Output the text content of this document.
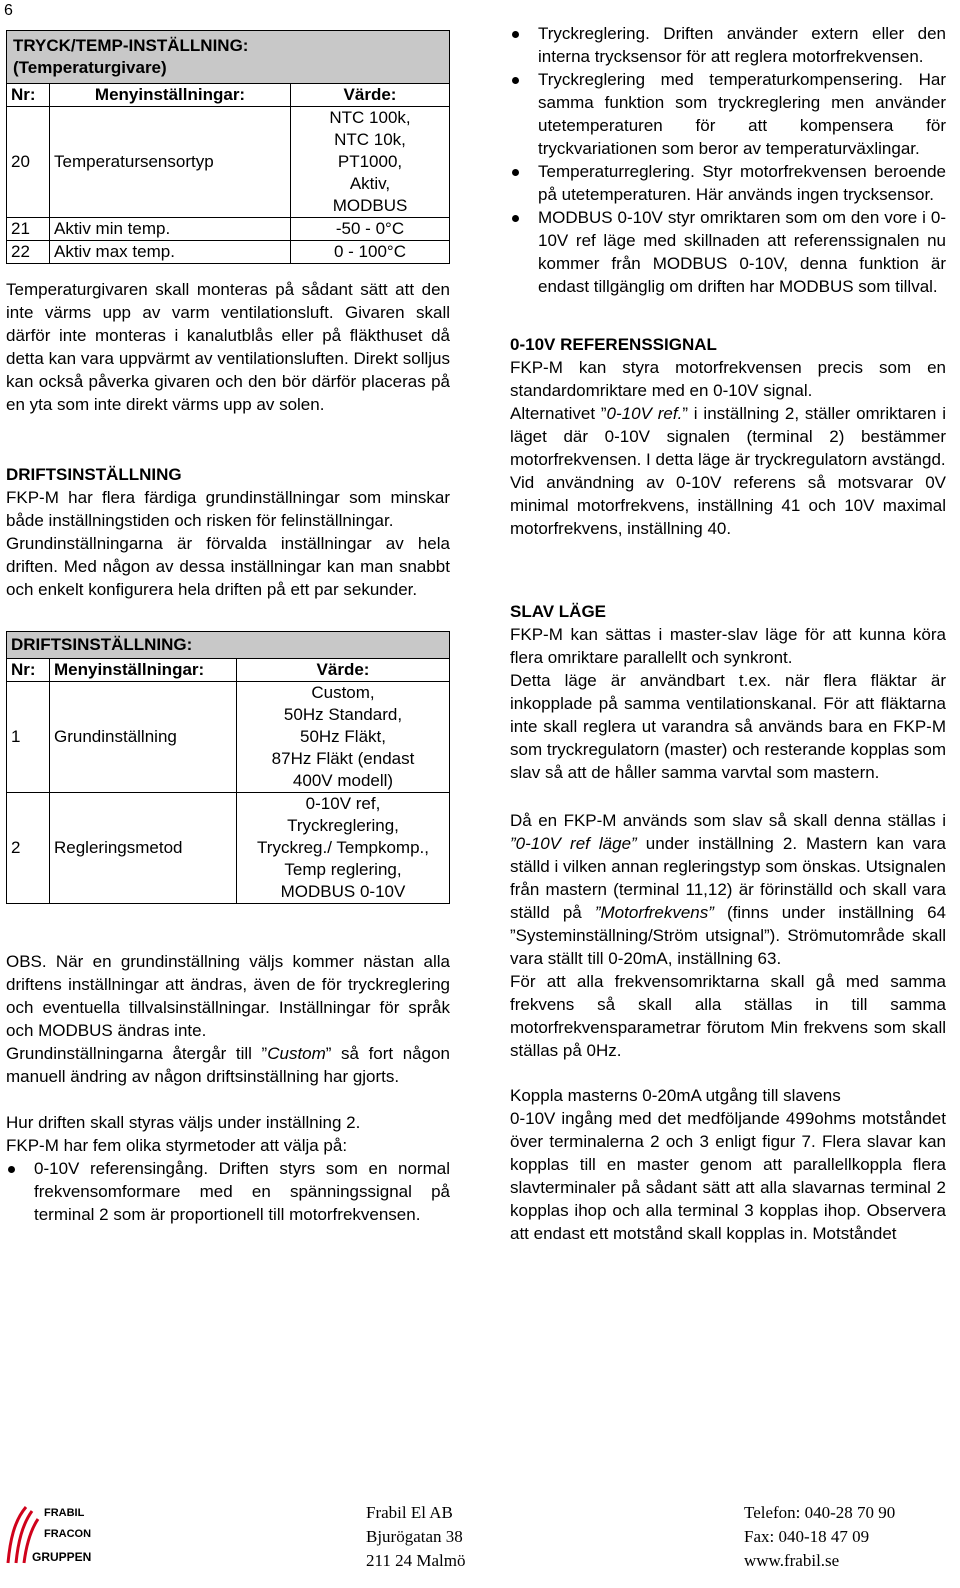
6
TRYCK/TEMP-INSTÄLLNING:
(Temperaturgivare)		

Nr:	Menyinställningar:	Värde:
20	Temperatursensortyp	NTC 100k,
NTC 10k,
PT1000,
Aktiv,
MODBUS

21	Aktiv min temp.	-50 - 0°C
22	Aktiv max temp.	0 - 100°C

Temperaturgivaren skall monteras på sådant sätt att den inte värms upp av varm ventilationsluft. Givaren skall därför inte monteras i kanalutblås eller på fläkthuset då detta kan vara uppvärmt av ventilationsluften. Direkt solljus kan också påverka givaren och den bör därför placeras på en yta som inte direkt värms upp av solen.

DRIFTSINSTÄLLNING

FKP-M har flera färdiga grundinställningar som minskar både inställningstiden och risken för felinställningar.

Grundinställningarna är förvalda inställningar av hela driften. Med någon av dessa inställningar kan man snabbt och enkelt konfigurera hela driften på ett par sekunder.

DRIFTSINSTÄLLNING:		
Nr:	Menyinställningar:	Värde:
1	Grundinställning	Custom,
50Hz Standard,
50Hz Fläkt,
87Hz Fläkt (endast
400V modell)

2	Regleringsmetod	0-10V ref,
Tryckreglering,
Tryckreg./ Tempkomp.,
Temp reglering,
MODBUS 0-10V

OBS. När en grundinställning väljs kommer nästan alla driftens inställningar att ändras, även de för tryckreglering och eventuella tillvalsinställningar. Inställningar för språk och MODBUS ändras inte.

Grundinställningarna återgår till ”Custom” så fort någon manuell ändring av någon driftsinställning har gjorts.

Hur driften skall styras väljs under inställning 2.

FKP-M har fem olika styrmetoder att välja på:

0-10V referensingång. Driften styrs som en normal frekvensomformare med en spänningssignal på terminal 2 som är proportionell till motorfrekvensen.
Tryckreglering. Driften använder extern eller den interna trycksensor för att reglera motorfrekvensen.
Tryckreglering med temperaturkompensering. Har samma funktion som tryckreglering men använder utetemperaturen för att kompensera för tryckvariationen som beror av temperaturväxlingar.
Temperaturreglering. Styr motorfrekvensen beroende på utetemperaturen. Här används ingen trycksensor.
MODBUS 0-10V styr omriktaren som om den vore i 0-10V ref läge med skillnaden att referenssignalen nu kommer från MODBUS 0-10V, denna funktion är endast tillgänglig om driften har MODBUS som tillval.
0-10V REFERENSSIGNAL

FKP-M kan styra motorfrekvensen precis som en standardomriktare med en 0-10V signal.

Alternativet ”0-10V ref.” i inställning 2, ställer omriktaren i läget där 0-10V signalen (terminal 2) bestämmer motorfrekvensen. I detta läge är tryckregulatorn avstängd.

Vid användning av 0-10V referens så motsvarar 0V minimal motorfrekvens, inställning 41 och 10V maximal motorfrekvens, inställning 40.

SLAV LÄGE

FKP-M kan sättas i master-slav läge för att kunna köra flera omriktare parallellt och synkront.

Detta läge är användbart t.ex. när flera fläktar är inkopplade på samma ventilationskanal. För att fläktarna inte skall reglera ut varandra så används bara en FKP-M som tryckregulatorn (master) och resterande kopplas som slav så att de håller samma varvtal som mastern.

Då en FKP-M används som slav så skall denna ställas i ”0-10V ref läge” under inställning 2. Mastern kan vara ställd i vilken annan regleringstyp som önskas. Utsignalen från mastern (terminal 11,12) är förinställd och skall vara ställd på ”Motorfrekvens” (finns under inställning 64 ”Systeminställning/Ström utsignal”). Strömutområde skall vara ställt till 0-20mA, inställning 63.

För att alla frekvensomriktarna skall gå med samma frekvens så skall alla ställas in till samma motorfrekvensparametrar förutom Min frekvens som skall ställas på 0Hz.

Koppla masterns 0-20mA utgång till slavens

0-10V ingång med det medföljande 499ohms motståndet över terminalerna 2 och 3 enligt figur 7. Flera slavar kan kopplas till en master genom att parallellkoppla flera slavterminaler på sådant sätt att alla slavarnas terminal 2 kopplas ihop och alla terminal 3 kopplas ihop. Observera att endast ett motstånd skall kopplas in. Motståndet

FRABIL
FRACON
GRUPPEN
Frabil El AB
Bjurögatan 38
211 24 Malmö
Telefon: 040-28 70 90
Fax: 040-18 47 09
www.frabil.se
